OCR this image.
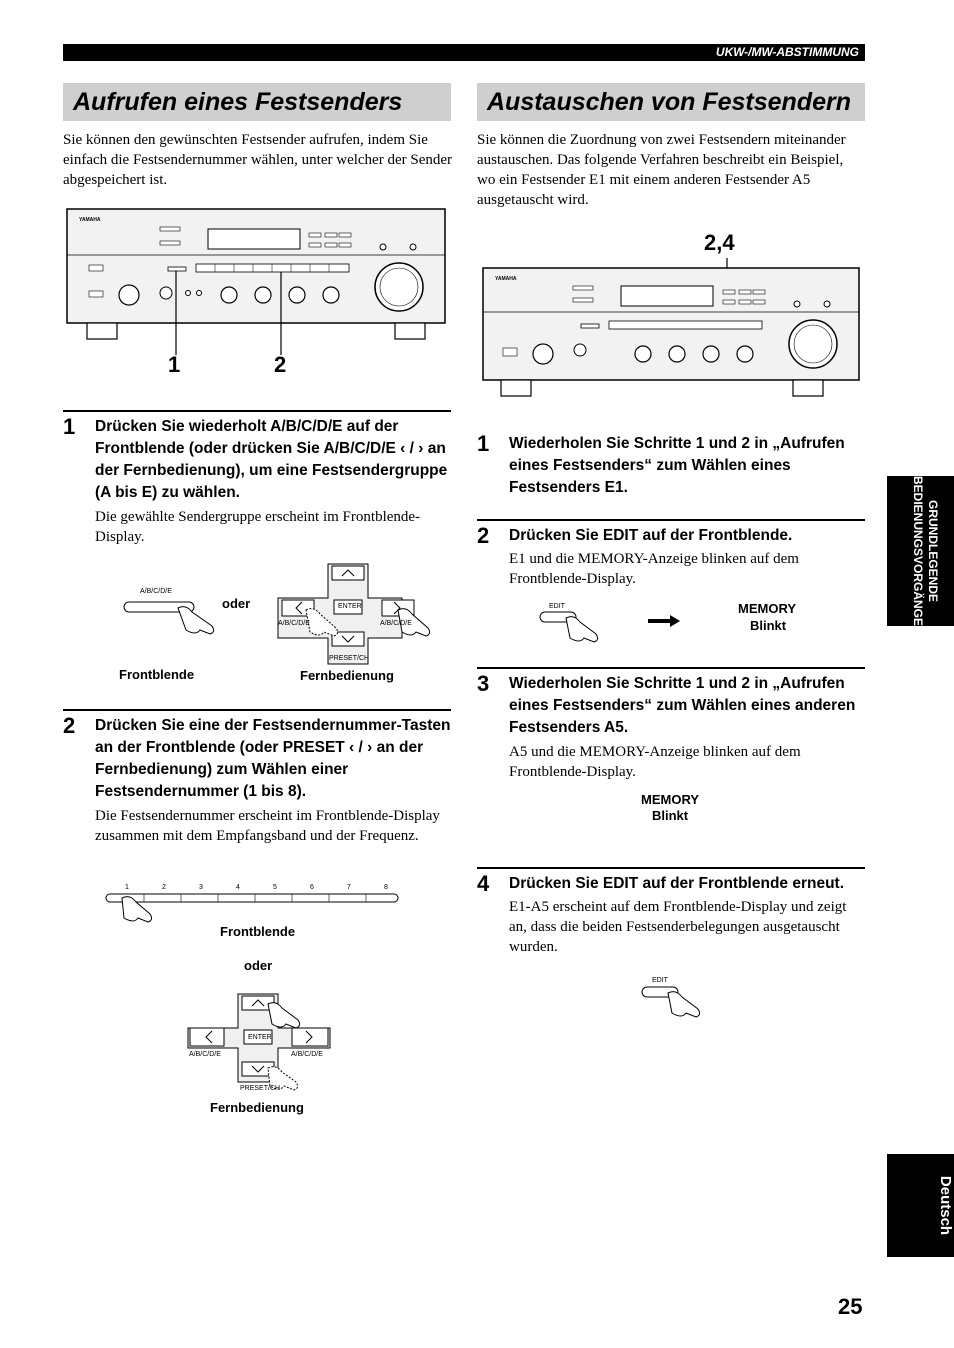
UKW-/MW-ABSTIMMUNG
Aufrufen eines Festsenders
Sie können den gewünschten Festsender aufrufen, indem Sie einfach die Festsendernummer wählen, unter welcher der Sender abgespeichert ist.
YAMAHA
1	2
1 Drücken Sie wiederholt A/B/C/D/E auf der Frontblende (oder drücken Sie A/B/C/D/E ‹ / › an der Fernbedienung), um eine Festsendergruppe (A bis E) zu wählen.
Die gewählte Sendergruppe erscheint im Frontblende-Display.
A/B/C/D/E
oder	ENTER
A/B/C/D/E	A/B/C/D/E
PRESET/CH
Frontblende	Fernbedienung
2 Drücken Sie eine der Festsendernummer-Tasten an der Frontblende (oder PRESET ‹ / › an der Fernbedienung) zum Wählen einer Festsendernummer (1 bis 8).
Die Festsendernummer erscheint im Frontblende-Display zusammen mit dem Empfangsband und der Frequenz.
1	2	3	4	5	6	7	8
Frontblende
oder
ENTER
A/B/C/D/E	A/B/C/D/E
PRESET/CH
Fernbedienung
Austauschen von Festsendern
Sie können die Zuordnung von zwei Festsendern miteinander austauschen. Das folgende Verfahren beschreibt ein Beispiel, wo ein Festsender E1 mit einem anderen Festsender A5 ausgetauscht wird.
2,4
YAMAHA
1 Wiederholen Sie Schritte 1 und 2 in „Aufrufen eines Festsenders“ zum Wählen eines Festsenders E1.
2 Drücken Sie EDIT auf der Frontblende.
E1 und die MEMORY-Anzeige blinken auf dem Frontblende-Display.
EDIT	MEMORY
Blinkt
3 Wiederholen Sie Schritte 1 und 2 in „Aufrufen eines Festsenders“ zum Wählen eines anderen Festsenders A5.
A5 und die MEMORY-Anzeige blinken auf dem Frontblende-Display.
MEMORY
Blinkt
4 Drücken Sie EDIT auf der Frontblende erneut.
E1-A5 erscheint auf dem Frontblende-Display und zeigt an, dass die beiden Festsenderbelegungen ausgetauscht wurden.
EDIT
GRUNDLEGENDE
BEDIENUNGSVORGÄNGE
Deutsch
25
